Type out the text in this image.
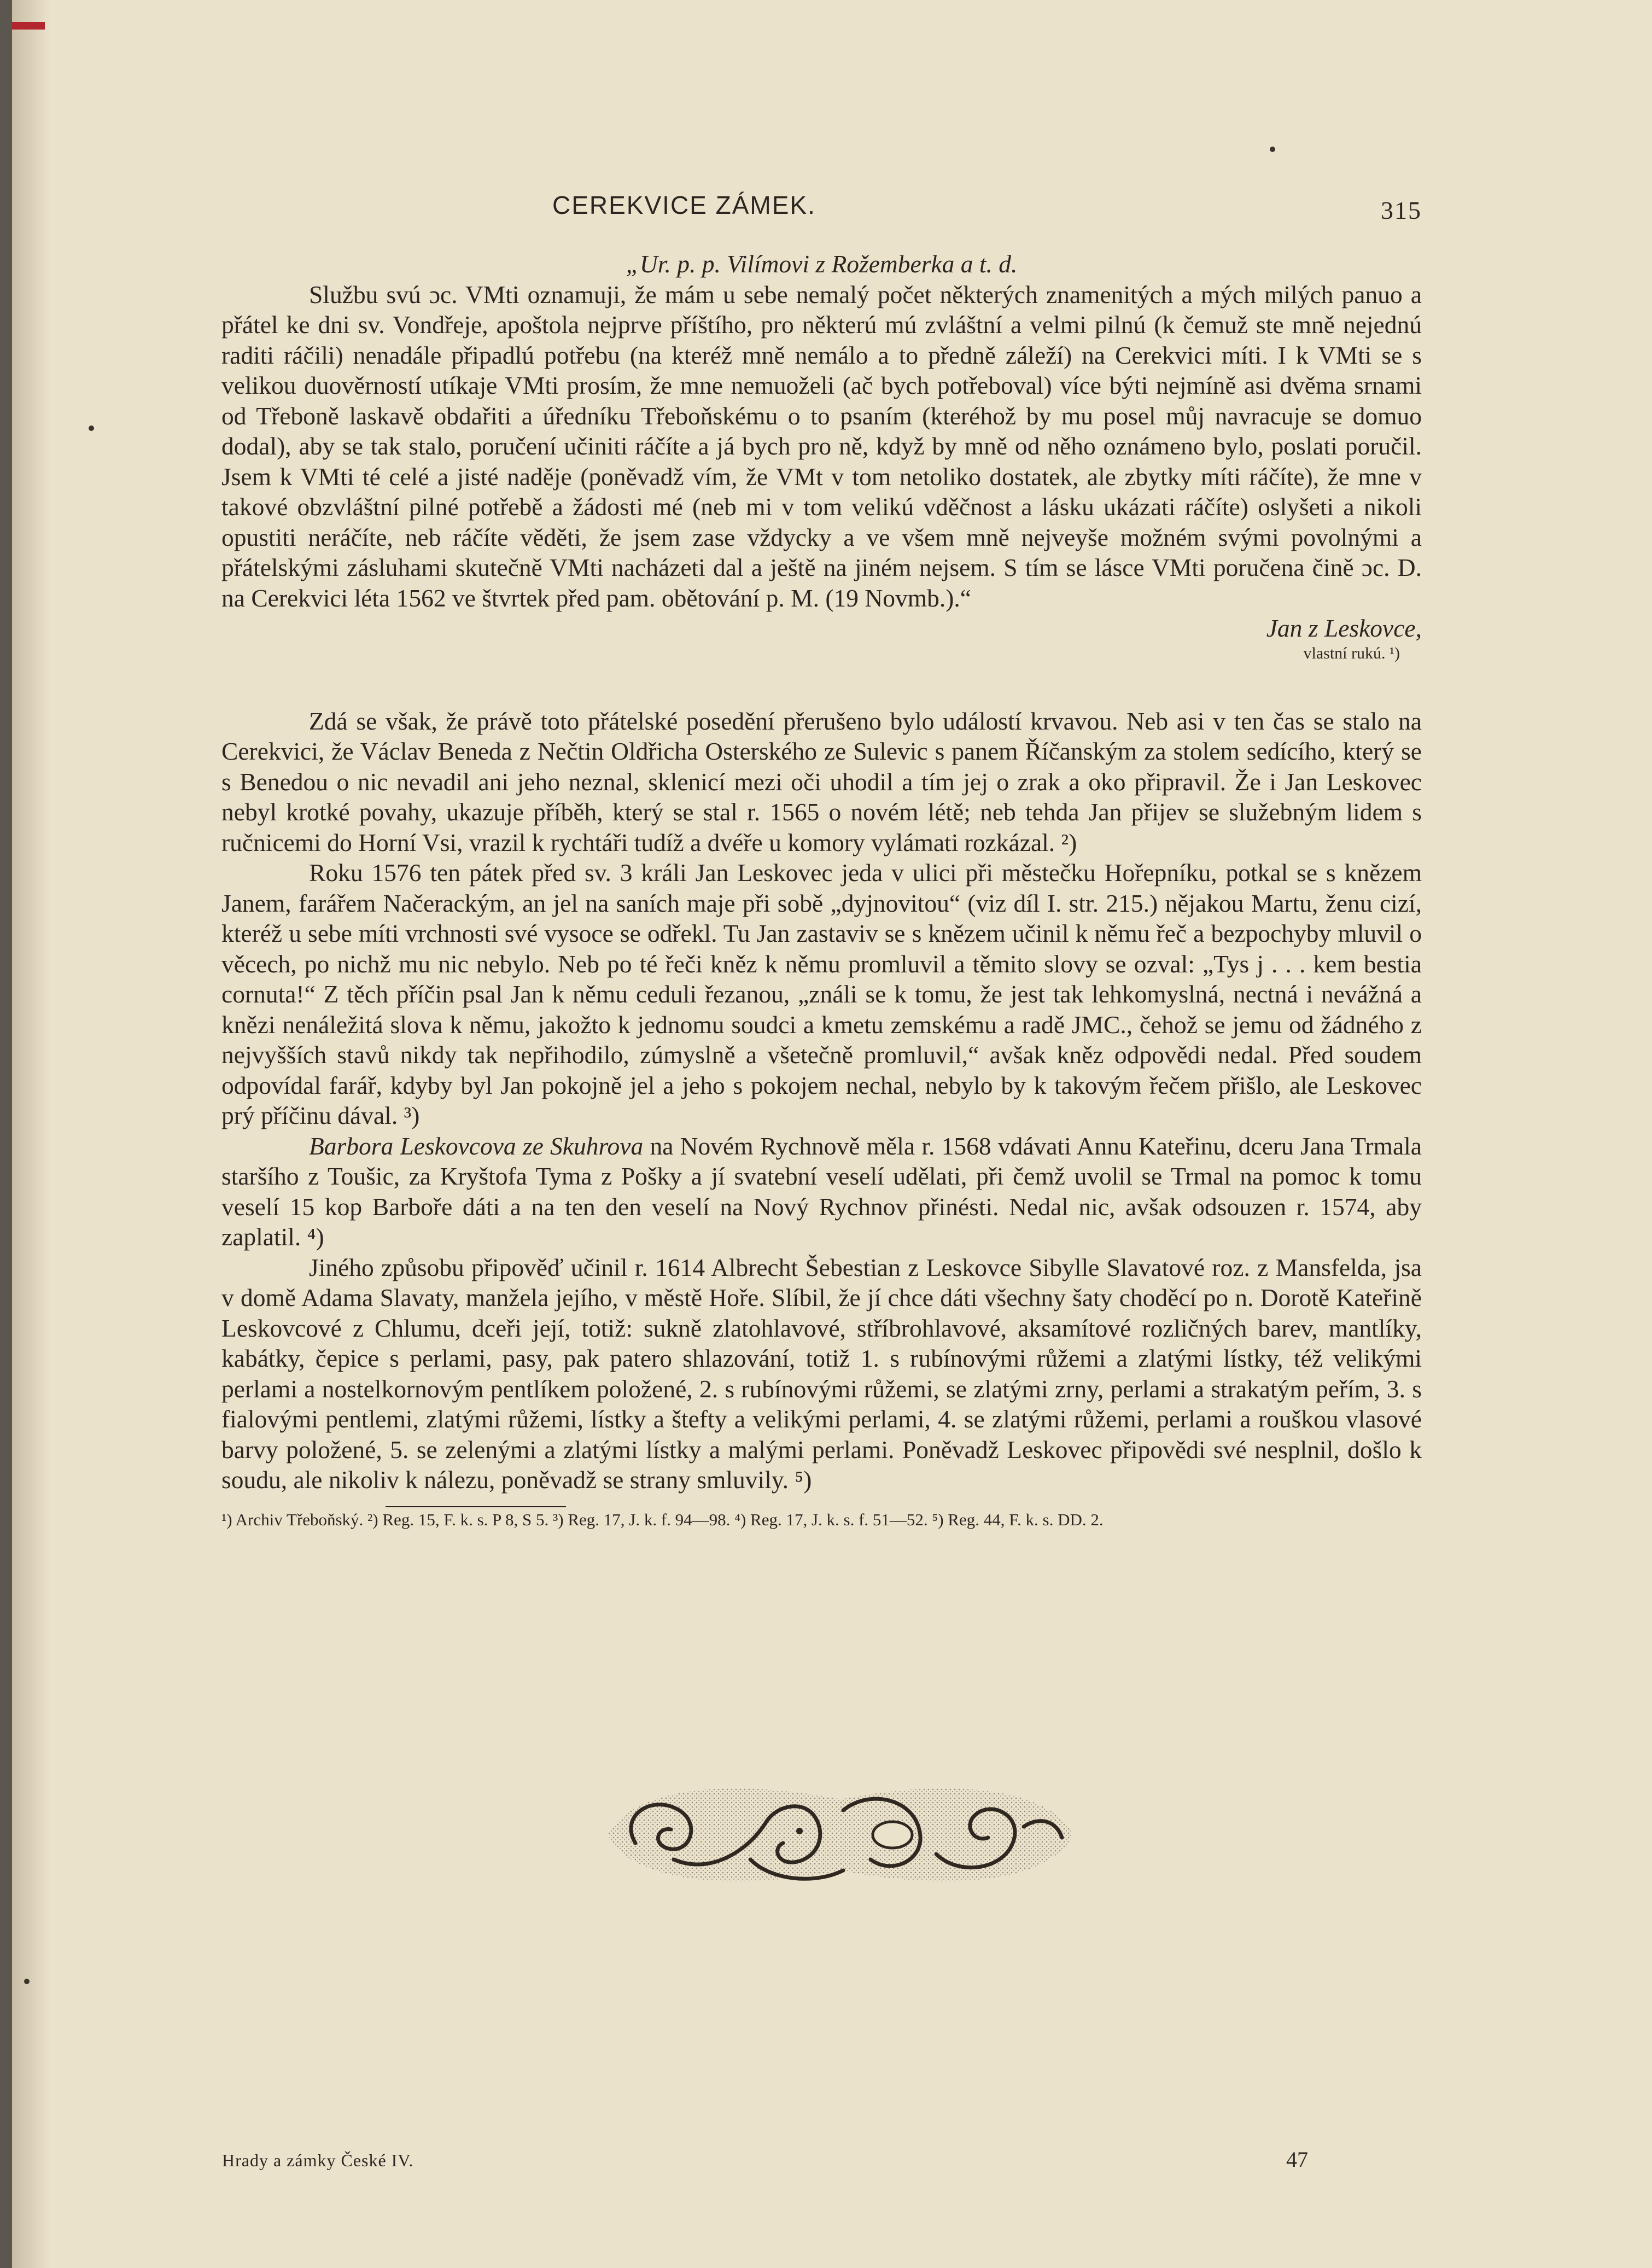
CEREKVICE ZÁMEK.	315

„Ur. p. p. Vilímovi z Rožemberka a t. d.

Službu svú ɔc. VMti oznamuji, že mám u sebe nemalý počet některých znamenitých a mých milých panuo a přátel ke dni sv. Vondřeje, apoštola nejprve příštího, pro některú mú zvláštní a velmi pilnú (k čemuž ste mně nejednú raditi ráčili) nenadále připadlú potřebu (na kteréž mně nemálo a to předně záleží) na Cerekvici míti. I k VMti se s velikou duověrností utíkaje VMti prosím, že mne nemuoželi (ač bych potřeboval) více býti nejmíně asi dvěma srnami od Třeboně laskavě obdařiti a úředníku Třeboňskému o to psaním (kteréhož by mu posel můj navracuje se domuo dodal), aby se tak stalo, poručení učiniti ráčíte a já bych pro ně, když by mně od něho oznámeno bylo, poslati poručil. Jsem k VMti té celé a jisté naděje (poněvadž vím, že VMt v tom netoliko dostatek, ale zbytky míti ráčíte), že mne v takové obzvláštní pilné potřebě a žádosti mé (neb mi v tom velikú vděčnost a lásku ukázati ráčíte) oslyšeti a nikoli opustiti neráčíte, neb ráčíte věděti, že jsem zase vždycky a ve všem mně nejveyše možném svými povolnými a přátelskými zásluhami skutečně VMti nacházeti dal a ještě na jiném nejsem. S tím se lásce VMti poručena čině ɔc. D. na Cerekvici léta 1562 ve štvrtek před pam. obětování p. M. (19 Novmb.).“

Jan z Leskovce,

vlastní rukú. ¹)

Zdá se však, že právě toto přátelské posedění přerušeno bylo událostí krvavou. Neb asi v ten čas se stalo na Cerekvici, že Václav Beneda z Nečtin Oldřicha Osterského ze Sulevic s panem Říčanským za stolem sedícího, který se s Benedou o nic nevadil ani jeho neznal, sklenicí mezi oči uhodil a tím jej o zrak a oko připravil. Že i Jan Leskovec nebyl krotké povahy, ukazuje příběh, který se stal r. 1565 o novém létě; neb tehda Jan přijev se služebným lidem s ručnicemi do Horní Vsi, vrazil k rychtáři tudíž a dvéře u komory vylámati rozkázal. ²)

Roku 1576 ten pátek před sv. 3 králi Jan Leskovec jeda v ulici při městečku Hořepníku, potkal se s knězem Janem, farářem Načerackým, an jel na saních maje při sobě „dyjnovitou“ (viz díl I. str. 215.) nějakou Martu, ženu cizí, kteréž u sebe míti vrchnosti své vysoce se odřekl. Tu Jan zastaviv se s knězem učinil k němu řeč a bezpochyby mluvil o věcech, po nichž mu nic nebylo. Neb po té řeči kněz k němu promluvil a těmito slovy se ozval: „Tys j . . . kem bestia cornuta!“ Z těch příčin psal Jan k němu ceduli řezanou, „ználi se k tomu, že jest tak lehkomyslná, nectná i nevážná a knězi nenáležitá slova k němu, jakožto k jednomu soudci a kmetu zemskému a radě JMC., čehož se jemu od žádného z nejvyšších stavů nikdy tak nepřihodilo, zúmyslně a všetečně promluvil,“ avšak kněz odpovědi nedal. Před soudem odpovídal farář, kdyby byl Jan pokojně jel a jeho s pokojem nechal, nebylo by k takovým řečem přišlo, ale Leskovec prý příčinu dával. ³)

Barbora Leskovcova ze Skuhrova na Novém Rychnově měla r. 1568 vdávati Annu Kateřinu, dceru Jana Trmala staršího z Toušic, za Kryštofa Tyma z Pošky a jí svatební veselí udělati, při čemž uvolil se Trmal na pomoc k tomu veselí 15 kop Barboře dáti a na ten den veselí na Nový Rychnov přinésti. Nedal nic, avšak odsouzen r. 1574, aby zaplatil. ⁴)

Jiného způsobu připověď učinil r. 1614 Albrecht Šebestian z Leskovce Sibylle Slavatové roz. z Mansfelda, jsa v domě Adama Slavaty, manžela jejího, v městě Hoře. Slíbil, že jí chce dáti všechny šaty choděcí po n. Dorotě Kateřině Leskovcové z Chlumu, dceři její, totiž: sukně zlatohlavové, stříbrohlavové, aksamítové rozličných barev, mantlíky, kabátky, čepice s perlami, pasy, pak patero shlazování, totiž 1. s rubínovými růžemi a zlatými lístky, též velikými perlami a nostelkornovým pentlíkem položené, 2. s rubínovými růžemi, se zlatými zrny, perlami a strakatým peřím, 3. s fialovými pentlemi, zlatými růžemi, lístky a štefty a velikými perlami, 4. se zlatými růžemi, perlami a rouškou vlasové barvy položené, 5. se zelenými a zlatými lístky a malými perlami. Poněvadž Leskovec připovědi své nesplnil, došlo k soudu, ale nikoliv k nálezu, poněvadž se strany smluvily. ⁵)

¹) Archiv Třeboňský. ²) Reg. 15, F. k. s. P 8, S 5. ³) Reg. 17, J. k. f. 94—98. ⁴) Reg. 17, J. k. s. f. 51—52. ⁵) Reg. 44, F. k. s. DD. 2.

Hrady a zámky České IV.	47
